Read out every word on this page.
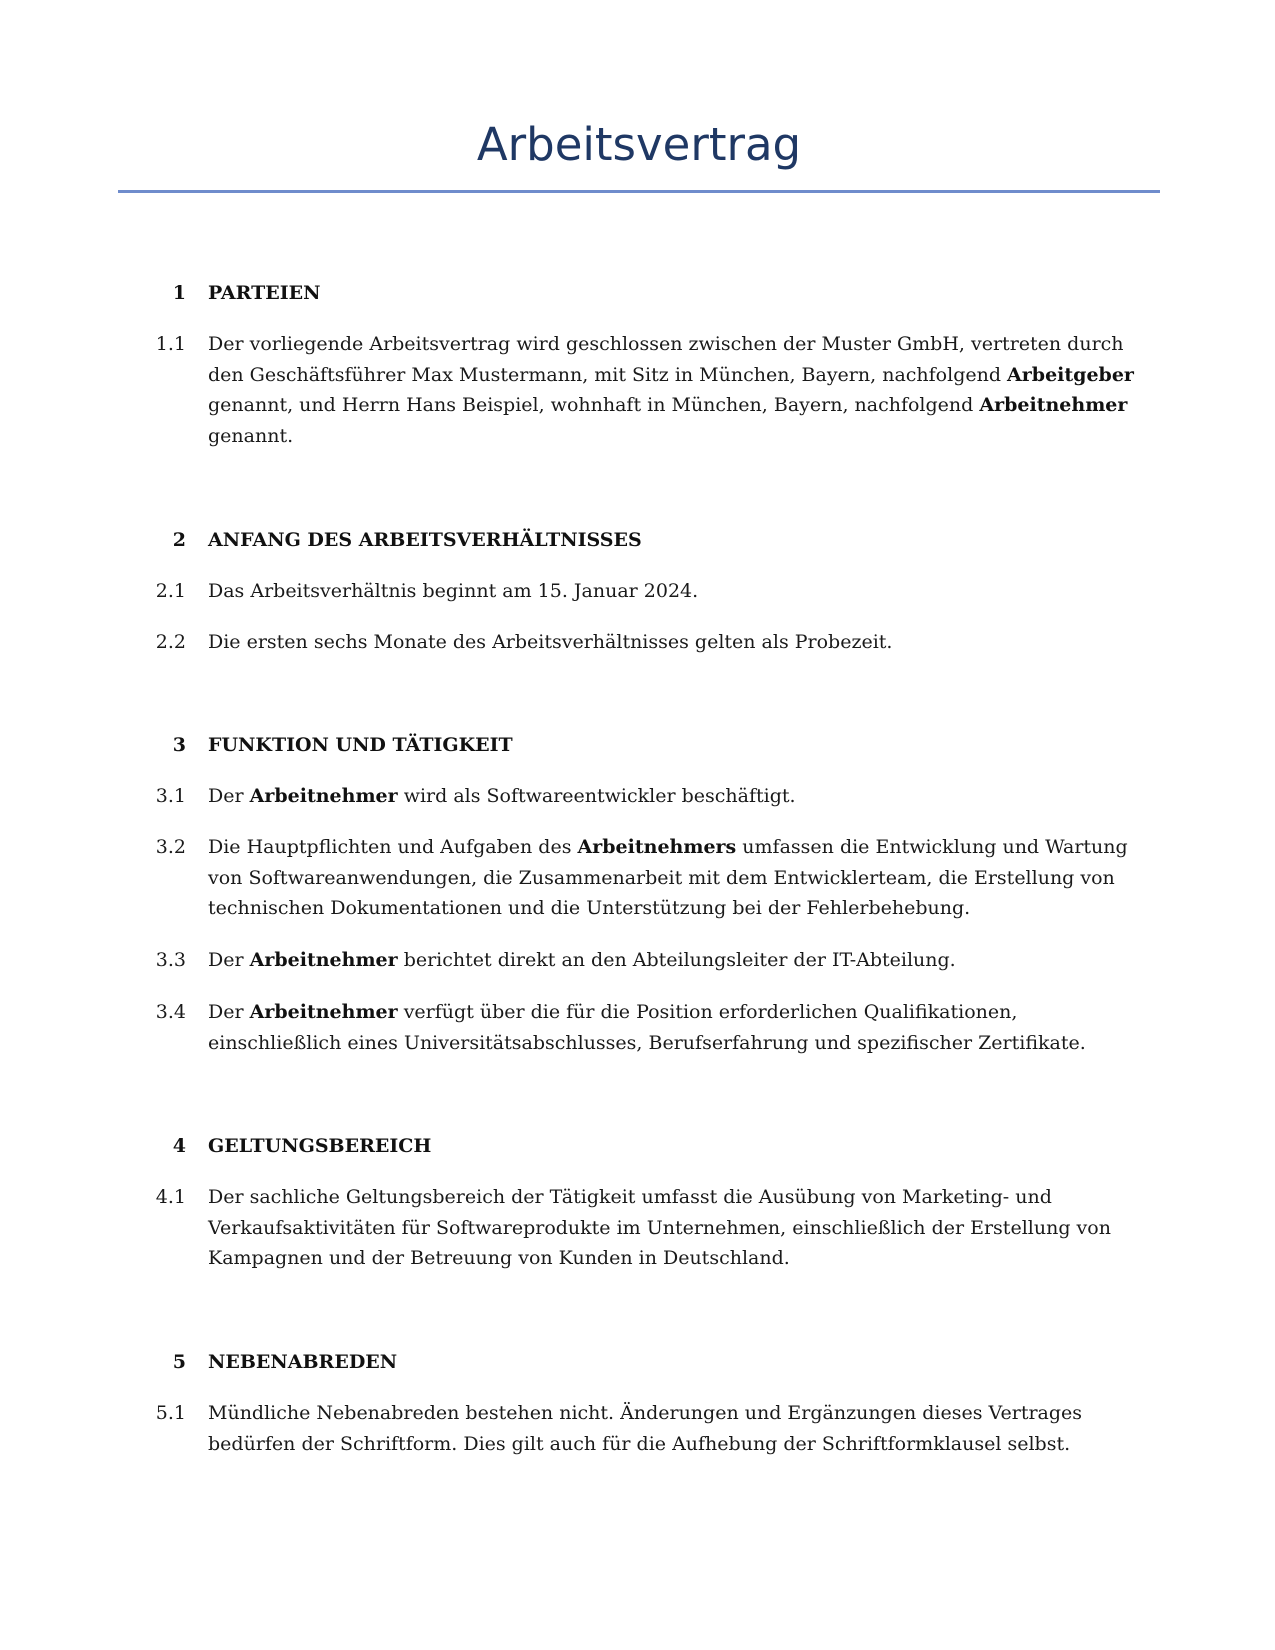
Arbeitsvertrag
1 PARTEIEN
1.1 Der vorliegende Arbeitsvertrag wird geschlossen zwischen der Muster GmbH, vertreten durch den Geschäftsführer Max Mustermann, mit Sitz in München, Bayern, nachfolgend Arbeitgeber genannt, und Herrn Hans Beispiel, wohnhaft in München, Bayern, nachfolgend Arbeitnehmer genannt.
2 ANFANG DES ARBEITSVERHÄLTNISSES
2.1 Das Arbeitsverhältnis beginnt am 15. Januar 2024.
2.2 Die ersten sechs Monate des Arbeitsverhältnisses gelten als Probezeit.
3 FUNKTION UND TÄTIGKEIT
3.1 Der Arbeitnehmer wird als Softwareentwickler beschäftigt.
3.2 Die Hauptpflichten und Aufgaben des Arbeitnehmers umfassen die Entwicklung und Wartung von Softwareanwendungen, die Zusammenarbeit mit dem Entwicklerteam, die Erstellung von technischen Dokumentationen und die Unterstützung bei der Fehlerbehebung.
3.3 Der Arbeitnehmer berichtet direkt an den Abteilungsleiter der IT-Abteilung.
3.4 Der Arbeitnehmer verfügt über die für die Position erforderlichen Qualifikationen, einschließlich eines Universitätsabschlusses, Berufserfahrung und spezifischer Zertifikate.
4 GELTUNGSBEREICH
4.1 Der sachliche Geltungsbereich der Tätigkeit umfasst die Ausübung von Marketing- und Verkaufsaktivitäten für Softwareprodukte im Unternehmen, einschließlich der Erstellung von Kampagnen und der Betreuung von Kunden in Deutschland.
5 NEBENABREDEN
5.1 Mündliche Nebenabreden bestehen nicht. Änderungen und Ergänzungen dieses Vertrages bedürfen der Schriftform. Dies gilt auch für die Aufhebung der Schriftformklausel selbst.
